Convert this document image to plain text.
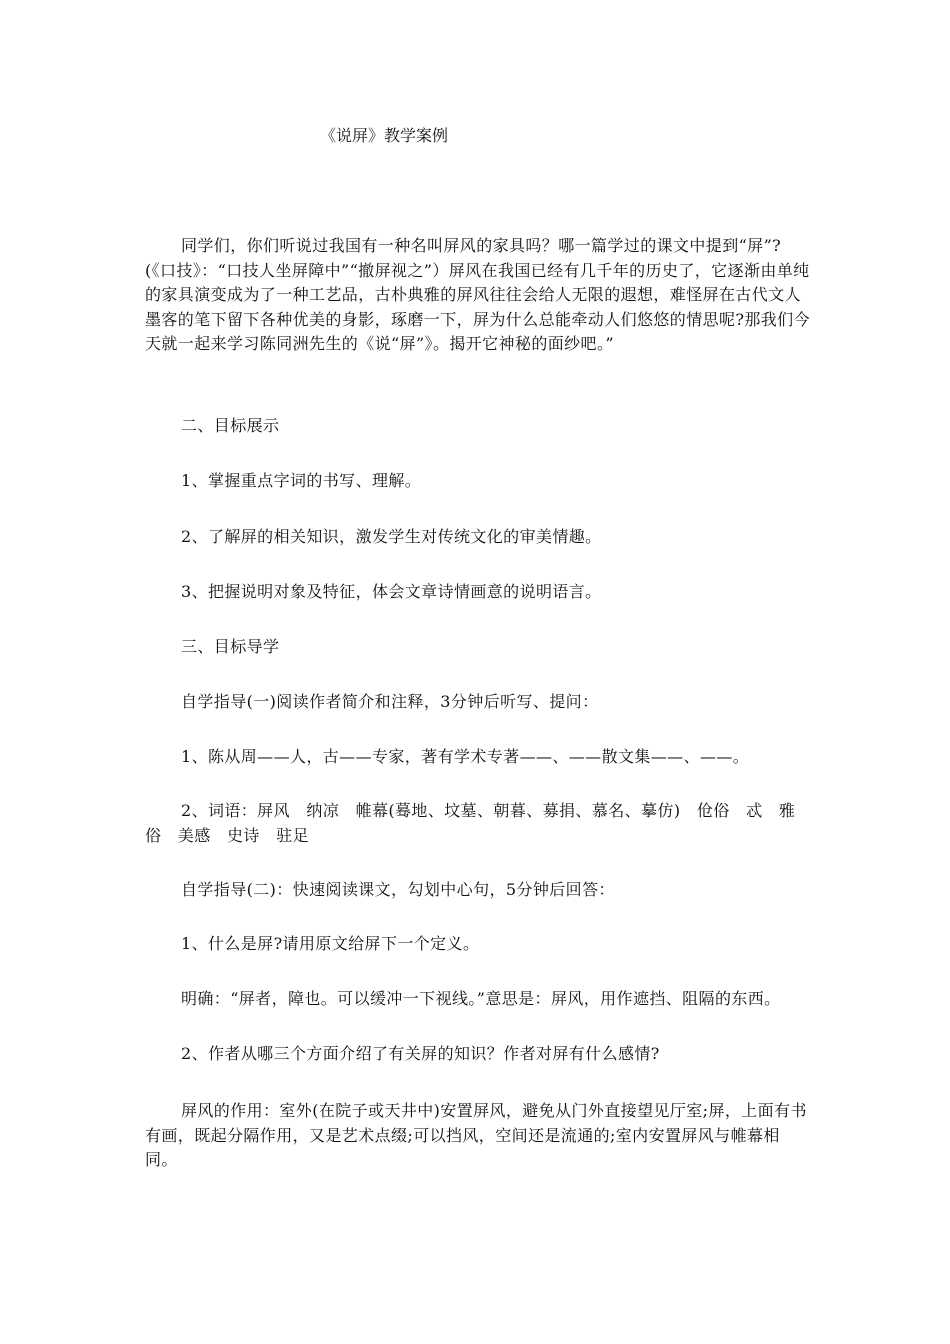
《说屏》教学案例

同学们，你们听说过我国有一种名叫屏风的家具吗？哪一篇学过的课文中提到“屏”?(《口技》：“口技人坐屏障中”“撤屏视之”）屏风在我国已经有几千年的历史了，它逐渐由单纯的家具演变成为了一种工艺品，古朴典雅的屏风往往会给人无限的遐想，难怪屏在古代文人墨客的笔下留下各种优美的身影，琢磨一下，屏为什么总能牵动人们悠悠的情思呢?那我们今天就一起来学习陈同洲先生的《说“屏”》。揭开它神秘的面纱吧。”

二、目标展示
1、掌握重点字词的书写、理解。
2、了解屏的相关知识，激发学生对传统文化的审美情趣。
3、把握说明对象及特征，体会文章诗情画意的说明语言。
三、目标导学
自学指导(一)阅读作者简介和注释，3分钟后听写、提问：
1、陈从周——人，古——专家，著有学术专著——、——散文集——、——。

2、词语：屏风　纳凉　帷幕(蓦地、坟墓、朝暮、募捐、慕名、摹仿)　伧俗　忒　雅俗　美感　史诗　驻足

自学指导(二)：快速阅读课文，勾划中心句，5分钟后回答：
1、什么是屏?请用原文给屏下一个定义。
明确：“屏者，障也。可以缓冲一下视线。”意思是：屏风，用作遮挡、阻隔的东西。
2、作者从哪三个方面介绍了有关屏的知识？作者对屏有什么感情?

屏风的作用：室外(在院子或天井中)安置屏风，避免从门外直接望见厅室;屏，上面有书有画，既起分隔作用，又是艺术点缀;可以挡风，空间还是流通的;室内安置屏风与帷幕相同。
